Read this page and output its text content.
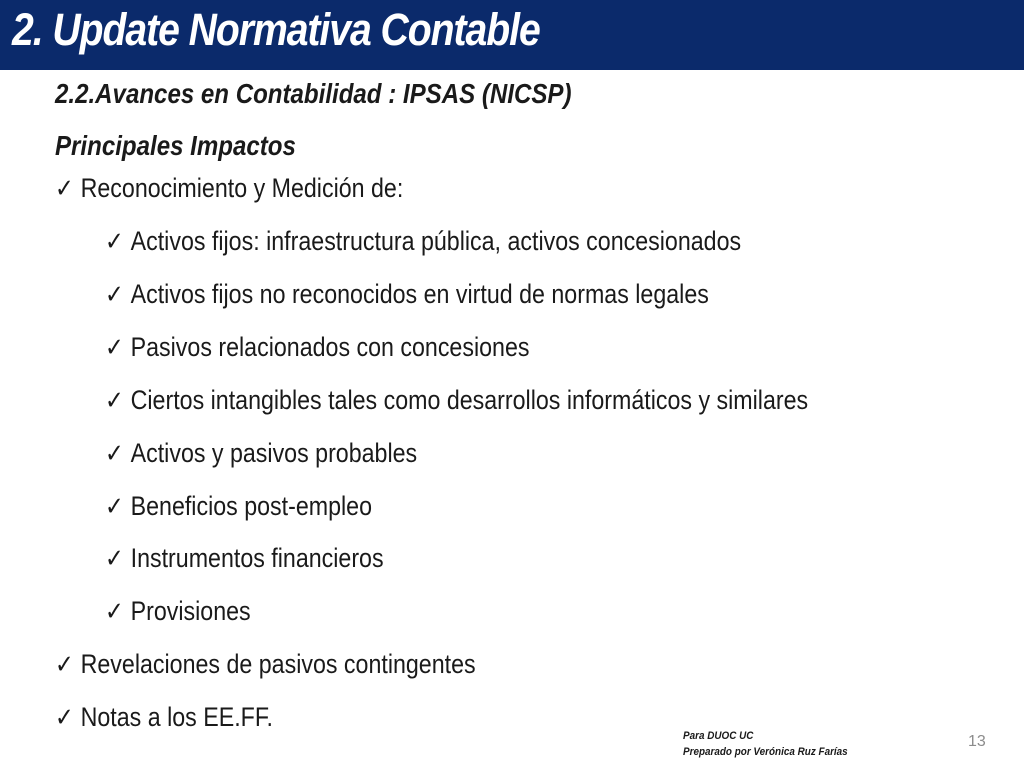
2. Update Normativa Contable
2.2.Avances en Contabilidad : IPSAS (NICSP)
Principales Impactos
✓ Reconocimiento y Medición de:
✓ Activos fijos: infraestructura pública, activos concesionados
✓ Activos fijos no reconocidos en virtud de normas legales
✓ Pasivos relacionados con concesiones
✓ Ciertos intangibles tales como desarrollos informáticos y similares
✓ Activos y pasivos probables
✓ Beneficios post-empleo
✓ Instrumentos financieros
✓ Provisiones
✓ Revelaciones de pasivos contingentes
✓ Notas a los EE.FF.
Para DUOC UC
Preparado por Verónica Ruz Farías
13
